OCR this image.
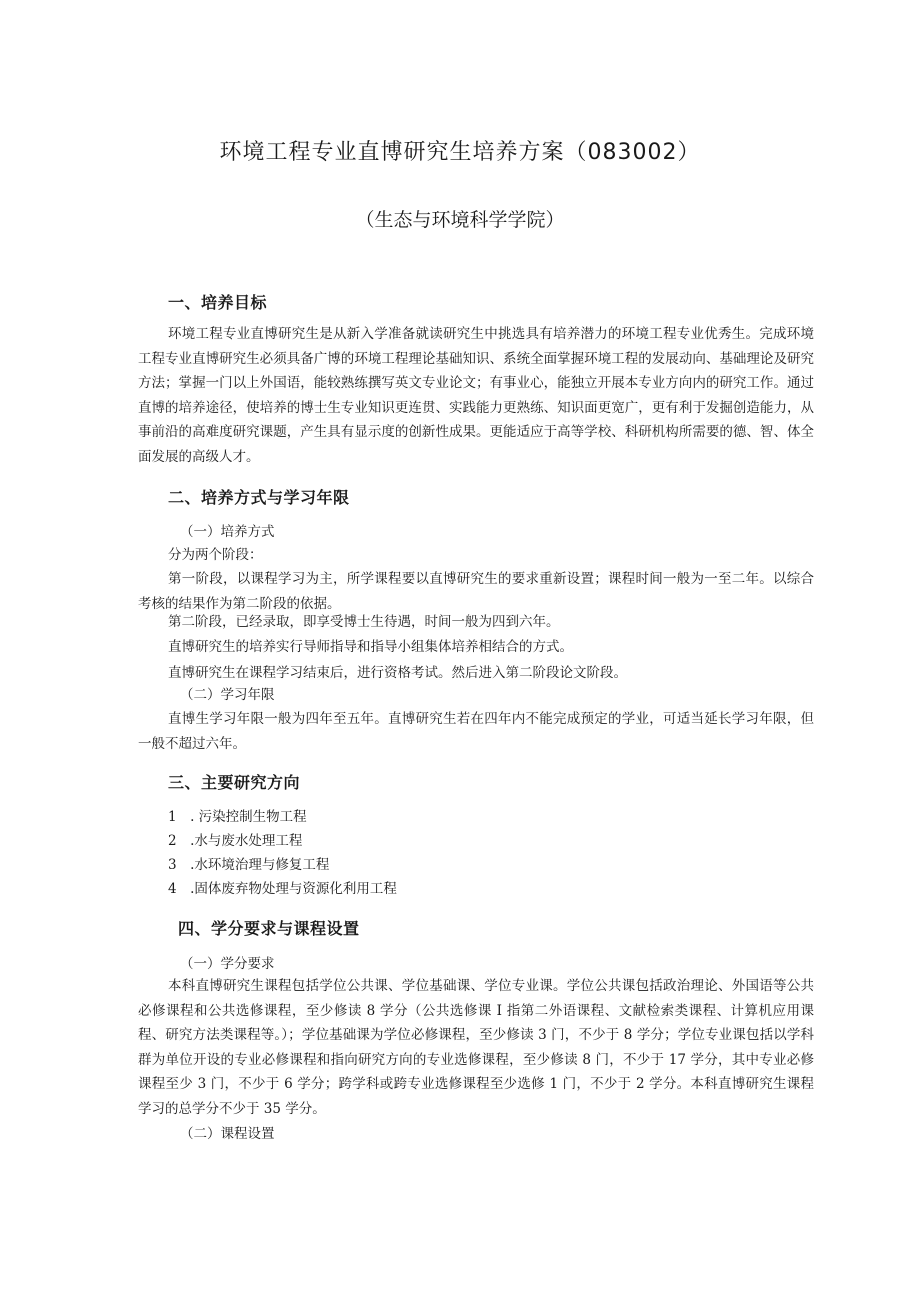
环境工程专业直博研究生培养方案（083002）
（生态与环境科学学院）
一、培养目标

环境工程专业直博研究生是从新入学准备就读研究生中挑选具有培养潜力的环境工程专业优秀生。完成环境工程专业直博研究生必须具备广博的环境工程理论基础知识、系统全面掌握环境工程的发展动向、基础理论及研究方法；掌握一门以上外国语，能较熟练撰写英文专业论文；有事业心，能独立开展本专业方向内的研究工作。通过直博的培养途径，使培养的博士生专业知识更连贯、实践能力更熟练、知识面更宽广，更有利于发掘创造能力，从事前沿的高难度研究课题，产生具有显示度的创新性成果。更能适应于高等学校、科研机构所需要的德、智、体全面发展的高级人才。

二、培养方式与学习年限
（一）培养方式
分为两个阶段：

第一阶段，以课程学习为主，所学课程要以直博研究生的要求重新设置；课程时间一般为一至二年。以综合考核的结果作为第二阶段的依据。

第二阶段，已经录取，即享受博士生待遇，时间一般为四到六年。
直博研究生的培养实行导师指导和指导小组集体培养相结合的方式。
直博研究生在课程学习结束后，进行资格考试。然后进入第二阶段论文阶段。
（二）学习年限

直博生学习年限一般为四年至五年。直博研究生若在四年内不能完成预定的学业，可适当延长学习年限，但一般不超过六年。

三、主要研究方向
1　. 污染控制生物工程
2　.水与废水处理工程
3　.水环境治理与修复工程
4　.固体废弃物处理与资源化利用工程
四、学分要求与课程设置
（一）学分要求

本科直博研究生课程包括学位公共课、学位基础课、学位专业课。学位公共课包括政治理论、外国语等公共必修课程和公共选修课程，至少修读 8 学分（公共选修课 I 指第二外语课程、文献检索类课程、计算机应用课程、研究方法类课程等。）；学位基础课为学位必修课程，至少修读 3 门，不少于 8 学分；学位专业课包括以学科群为单位开设的专业必修课程和指向研究方向的专业选修课程，至少修读 8 门，不少于 17 学分，其中专业必修课程至少 3 门，不少于 6 学分；跨学科或跨专业选修课程至少选修 1 门，不少于 2 学分。本科直博研究生课程学习的总学分不少于 35 学分。

（二）课程设置
